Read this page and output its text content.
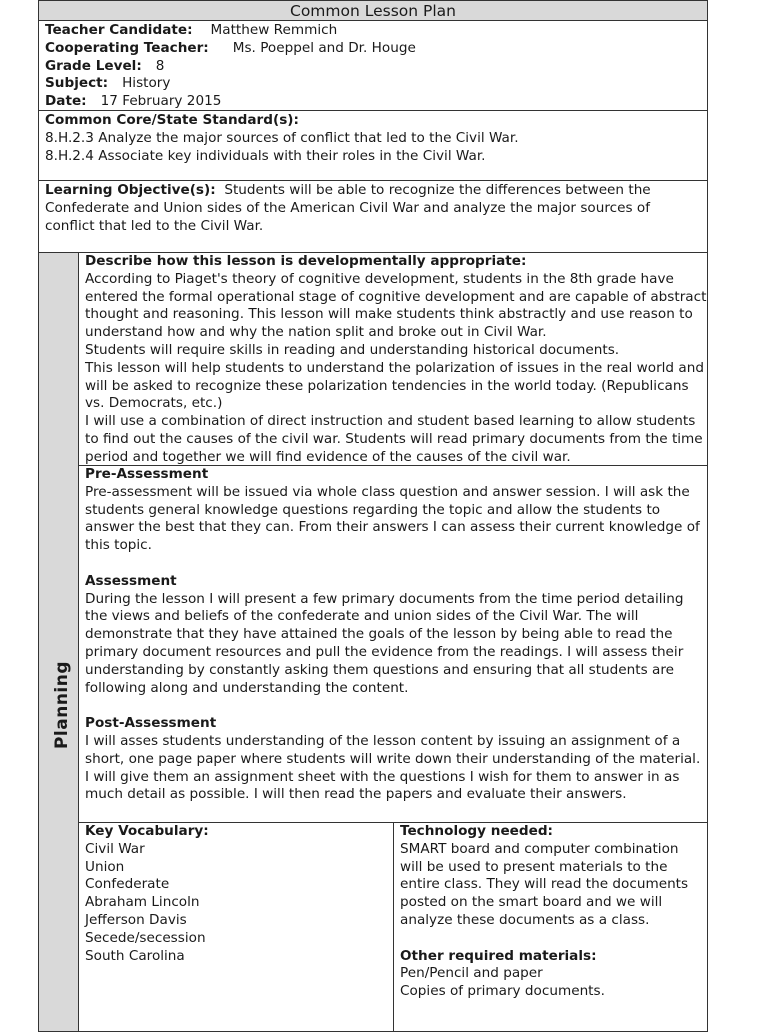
Common Lesson Plan
Teacher Candidate: Matthew Remmich
Cooperating Teacher: Ms. Poeppel and Dr. Houge
Grade Level: 8
Subject: History
Date: 17 February 2015
Common Core/State Standard(s):
8.H.2.3 Analyze the major sources of conflict that led to the Civil War.
8.H.2.4 Associate key individuals with their roles in the Civil War.
Learning Objective(s): Students will be able to recognize the differences between the Confederate and Union sides of the American Civil War and analyze the major sources of conflict that led to the Civil War.
Planning
Describe how this lesson is developmentally appropriate:

According to Piaget's theory of cognitive development, students in the 8th grade have entered the formal operational stage of cognitive development and are capable of abstract thought and reasoning. This lesson will make students think abstractly and use reason to understand how and why the nation split and broke out in Civil War.

Students will require skills in reading and understanding historical documents.

This lesson will help students to understand the polarization of issues in the real world and will be asked to recognize these polarization tendencies in the world today. (Republicans vs. Democrats, etc.)

I will use a combination of direct instruction and student based learning to allow students to find out the causes of the civil war. Students will read primary documents from the time period and together we will find evidence of the causes of the civil war.

Pre-Assessment

Pre-assessment will be issued via whole class question and answer session. I will ask the students general knowledge questions regarding the topic and allow the students to answer the best that they can. From their answers I can assess their current knowledge of this topic.

Assessment

During the lesson I will present a few primary documents from the time period detailing the views and beliefs of the confederate and union sides of the Civil War. The will demonstrate that they have attained the goals of the lesson by being able to read the primary document resources and pull the evidence from the readings. I will assess their understanding by constantly asking them questions and ensuring that all students are following along and understanding the content.

Post-Assessment

I will asses students understanding of the lesson content by issuing an assignment of a short, one page paper where students will write down their understanding of the material. I will give them an assignment sheet with the questions I wish for them to answer in as much detail as possible. I will then read the papers and evaluate their answers.

Key Vocabulary:
Civil War
Union
Confederate
Abraham Lincoln
Jefferson Davis
Secede/secession
South Carolina
Technology needed:

SMART board and computer combination will be used to present materials to the entire class. They will read the documents posted on the smart board and we will analyze these documents as a class.

Other required materials:
Pen/Pencil and paper
Copies of primary documents.
